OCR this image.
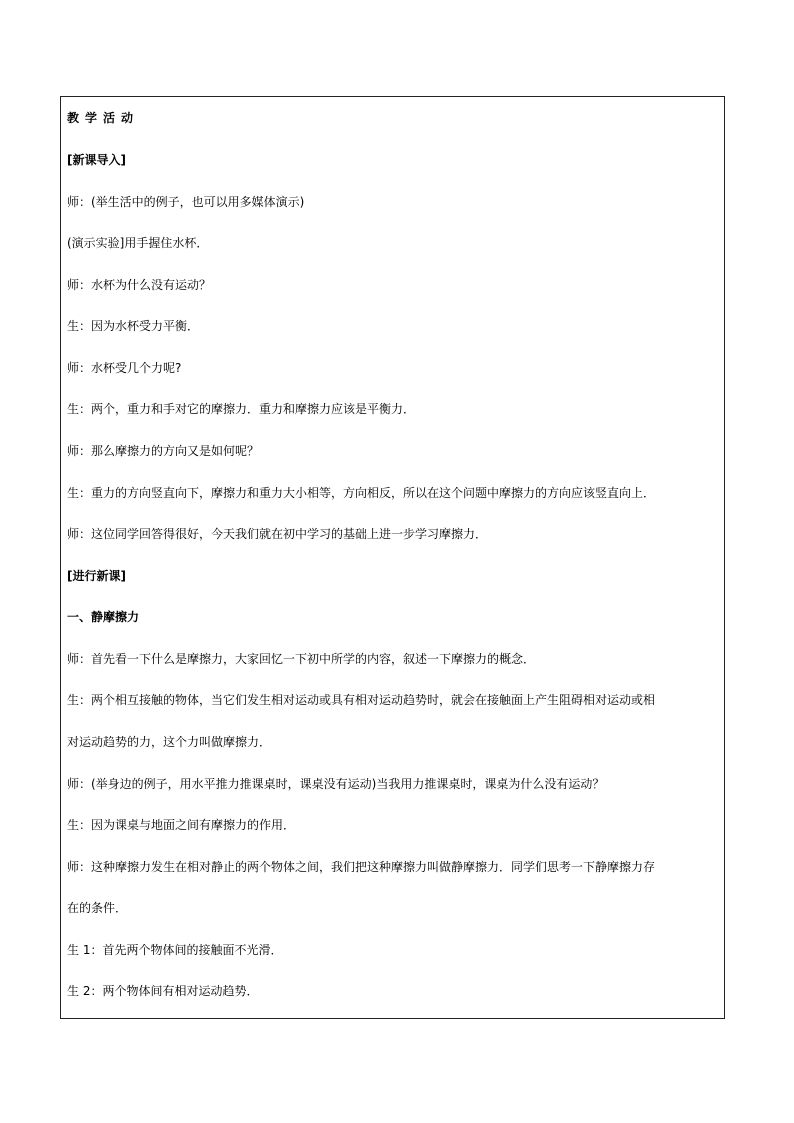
教学活动
[新课导入]
师：(举生活中的例子，也可以用多媒体演示)
(演示实验]用手握住水杯．
师：水杯为什么没有运动？
生：因为水杯受力平衡．
师：水杯受几个力呢?
生：两个，重力和手对它的摩擦力．重力和摩擦力应该是平衡力．
师：那么摩擦力的方向又是如何呢？
生：重力的方向竖直向下，摩擦力和重力大小相等，方向相反，所以在这个问题中摩擦力的方向应该竖直向上．
师：这位同学回答得很好，今天我们就在初中学习的基础上进一步学习摩擦力．
[进行新课]
一、静摩擦力
师：首先看一下什么是摩擦力，大家回忆一下初中所学的内容，叙述一下摩擦力的概念．
生：两个相互接触的物体，当它们发生相对运动或具有相对运动趋势时，就会在接触面上产生阻碍相对运动或相
对运动趋势的力，这个力叫做摩擦力．
师：(举身边的例子，用水平推力推课桌时，课桌没有运动)当我用力推课桌时，课桌为什么没有运动？
生：因为课桌与地面之间有摩擦力的作用．
师：这种摩擦力发生在相对静止的两个物体之间，我们把这种摩擦力叫做静摩擦力．同学们思考一下静摩擦力存
在的条件．
生 1：首先两个物体间的接触面不光滑．
生 2：两个物体间有相对运动趋势．
